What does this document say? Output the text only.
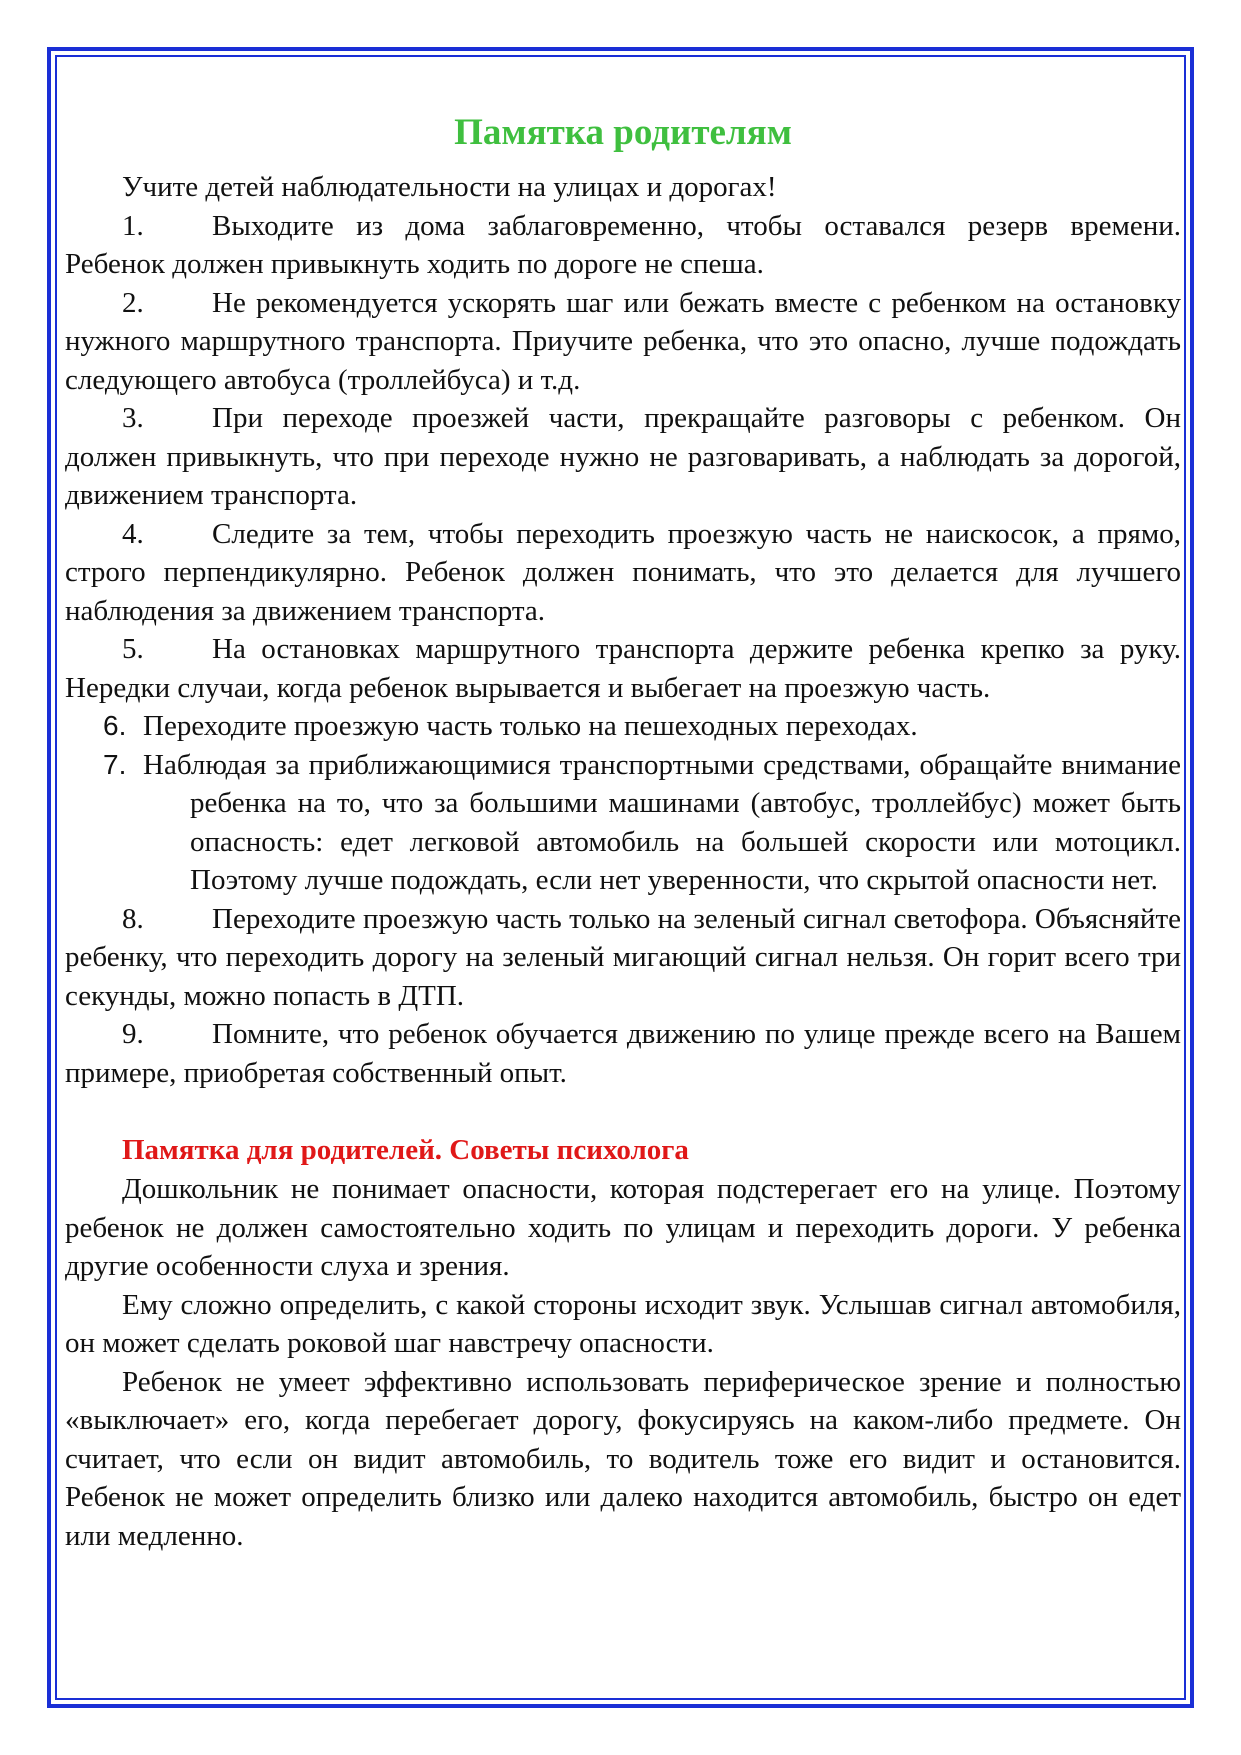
Памятка родителям

Учите детей наблюдательности на улицах и дорогах!

1. Выходите из дома заблаговременно, чтобы оставался резерв времени. Ребенок должен привыкнуть ходить по дороге не спеша.

2. Не рекомендуется ускорять шаг или бежать вместе с ребенком на остановку нужного маршрутного транспорта. Приучите ребенка, что это опасно, лучше подождать следующего автобуса (троллейбуса) и т.д.

3. При переходе проезжей части, прекращайте разговоры с ребенком. Он должен привыкнуть, что при переходе нужно не разговаривать, а наблюдать за дорогой, движением транспорта.

4. Следите за тем, чтобы переходить проезжую часть не наискосок, а прямо, строго перпендикулярно. Ребенок должен понимать, что это делается для лучшего наблюдения за движением транспорта.

5. На остановках маршрутного транспорта держите ребенка крепко за руку. Нередки случаи, когда ребенок вырывается и выбегает на проезжую часть.

6. Переходите проезжую часть только на пешеходных переходах.

7. Наблюдая за приближающимися транспортными средствами, обращайте внимание ребенка на то, что за большими машинами (автобус, троллейбус) может быть опасность: едет легковой автомобиль на большей скорости или мотоцикл. Поэтому лучше подождать, если нет уверенности, что скрытой опасности нет.

8. Переходите проезжую часть только на зеленый сигнал светофора. Объясняйте ребенку, что переходить дорогу на зеленый мигающий сигнал нельзя. Он горит всего три секунды, можно попасть в ДТП.

9. Помните, что ребенок обучается движению по улице прежде всего на Вашем примере, приобретая собственный опыт.

Памятка для родителей. Советы психолога

Дошкольник не понимает опасности, которая подстерегает его на улице. Поэтому ребенок не должен самостоятельно ходить по улицам и переходить дороги. У ребенка другие особенности слуха и зрения.

Ему сложно определить, с какой стороны исходит звук. Услышав сигнал автомобиля, он может сделать роковой шаг навстречу опасности.

Ребенок не умеет эффективно использовать периферическое зрение и полностью «выключает» его, когда перебегает дорогу, фокусируясь на каком-либо предмете. Он считает, что если он видит автомобиль, то водитель тоже его видит и остановится. Ребенок не может определить близко или далеко находится автомобиль, быстро он едет или медленно.
